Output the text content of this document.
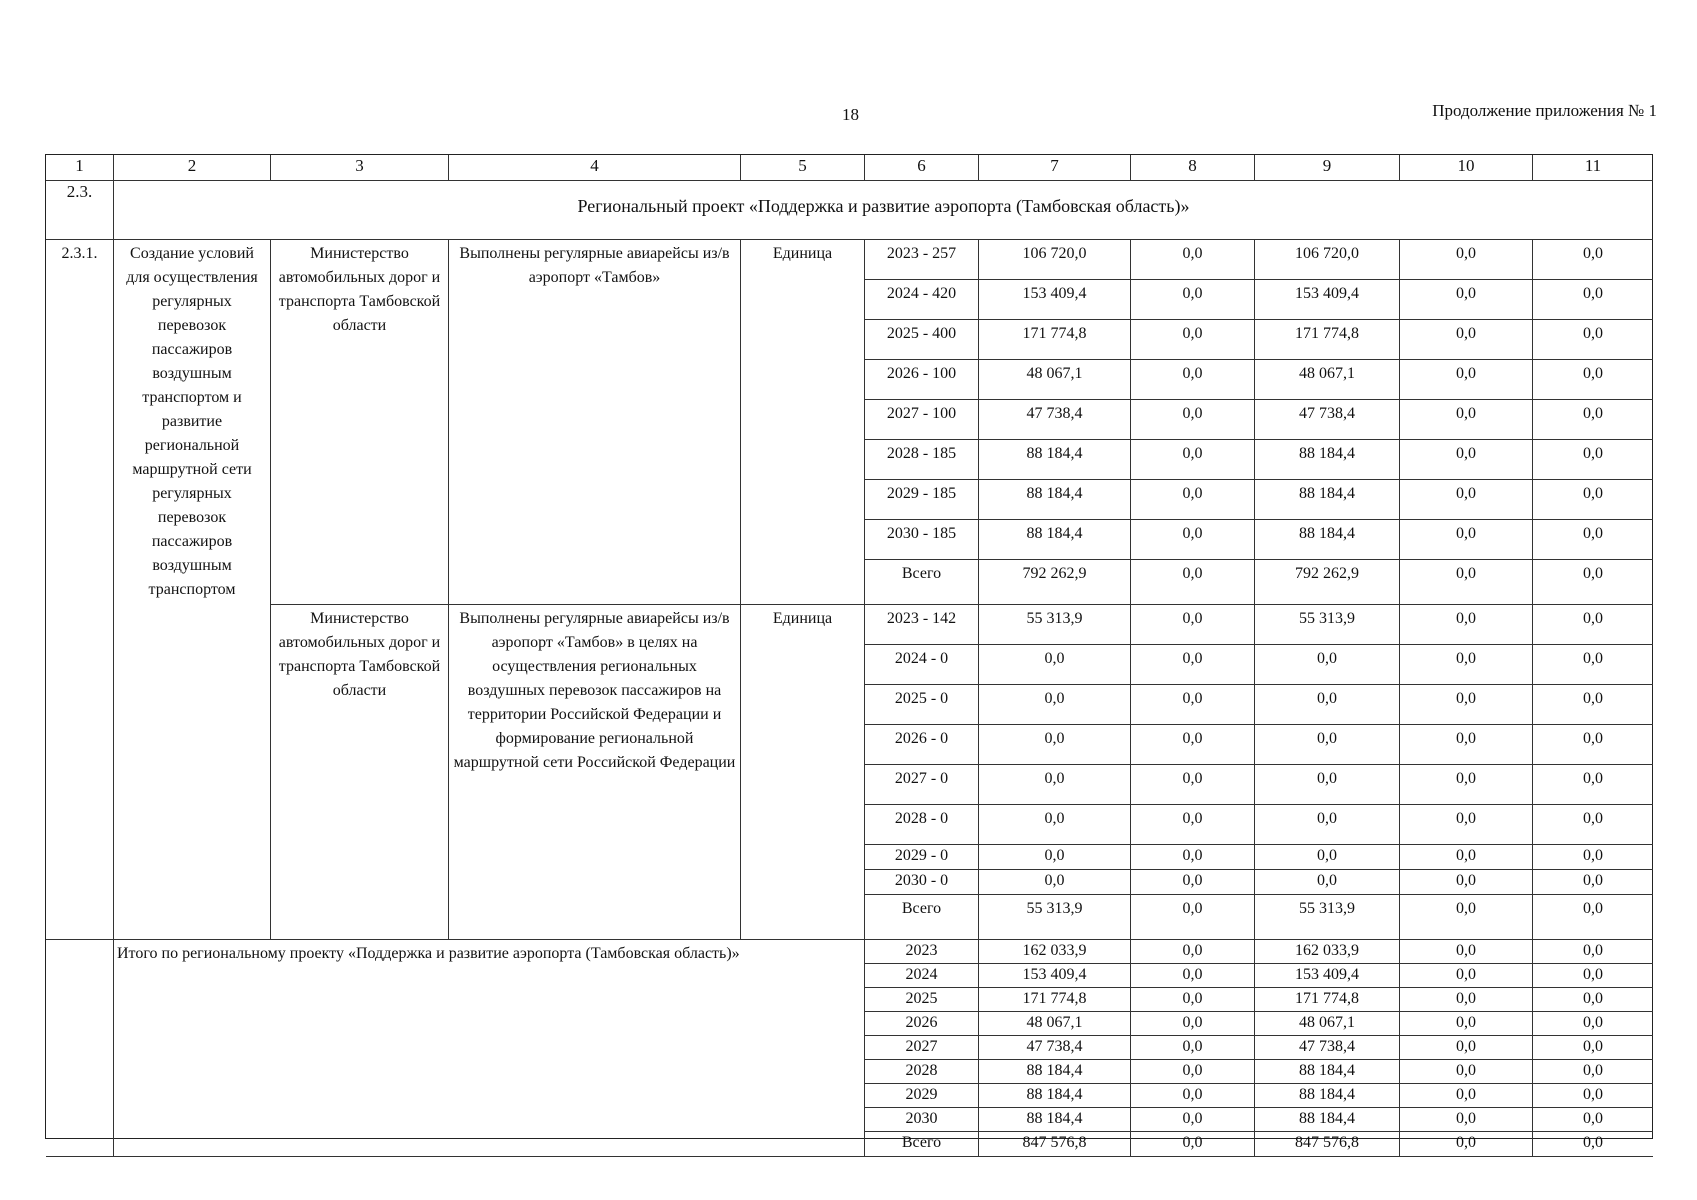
18	Продолжение приложения № 1
1	2	3	4	5	6	7	8	9	10	11
2.3.
Региональный проект «Поддержка и развитие аэропорта (Тамбовская область)»
2.3.1.	Создание условий для осуществления регулярных перевозок пассажиров воздушным транспортом и развитие региональной маршрутной сети регулярных перевозок пассажиров воздушным транспортом
Министерство автомобильных дорог и транспорта Тамбовской области
Выполнены регулярные авиарейсы из/в аэропорт «Тамбов»
Единица	2023 - 257	106 720,0	0,0	106 720,0	0,0	0,0
2024 - 420	153 409,4	0,0	153 409,4	0,0	0,0
2025 - 400	171 774,8	0,0	171 774,8	0,0	0,0
2026 - 100	48 067,1	0,0	48 067,1	0,0	0,0
2027 - 100	47 738,4	0,0	47 738,4	0,0	0,0
2028 - 185	88 184,4	0,0	88 184,4	0,0	0,0
2029 - 185	88 184,4	0,0	88 184,4	0,0	0,0
2030 - 185	88 184,4	0,0	88 184,4	0,0	0,0
Всего	792 262,9	0,0	792 262,9	0,0	0,0
Министерство автомобильных дорог и транспорта Тамбовской области
Выполнены регулярные авиарейсы из/в аэропорт «Тамбов» в целях на осуществления региональных воздушных перевозок пассажиров на территории Российской Федерации и формирование региональной маршрутной сети Российской Федерации
Единица	2023 - 142	55 313,9	0,0	55 313,9	0,0	0,0
2024 - 0	0,0	0,0	0,0	0,0	0,0
2025 - 0	0,0	0,0	0,0	0,0	0,0
2026 - 0	0,0	0,0	0,0	0,0	0,0
2027 - 0	0,0	0,0	0,0	0,0	0,0
2028 - 0	0,0	0,0	0,0	0,0	0,0
2029 - 0	0,0	0,0	0,0	0,0	0,0
2030 - 0	0,0	0,0	0,0	0,0	0,0
Всего	55 313,9	0,0	55 313,9	0,0	0,0
Итого по региональному проекту «Поддержка и развитие аэропорта (Тамбовская область)»	2023	162 033,9	0,0	162 033,9	0,0	0,0
2024	153 409,4	0,0	153 409,4	0,0	0,0
2025	171 774,8	0,0	171 774,8	0,0	0,0
2026	48 067,1	0,0	48 067,1	0,0	0,0
2027	47 738,4	0,0	47 738,4	0,0	0,0
2028	88 184,4	0,0	88 184,4	0,0	0,0
2029	88 184,4	0,0	88 184,4	0,0	0,0
2030	88 184,4	0,0	88 184,4	0,0	0,0
Всего	847 576,8	0,0	847 576,8	0,0	0,0
